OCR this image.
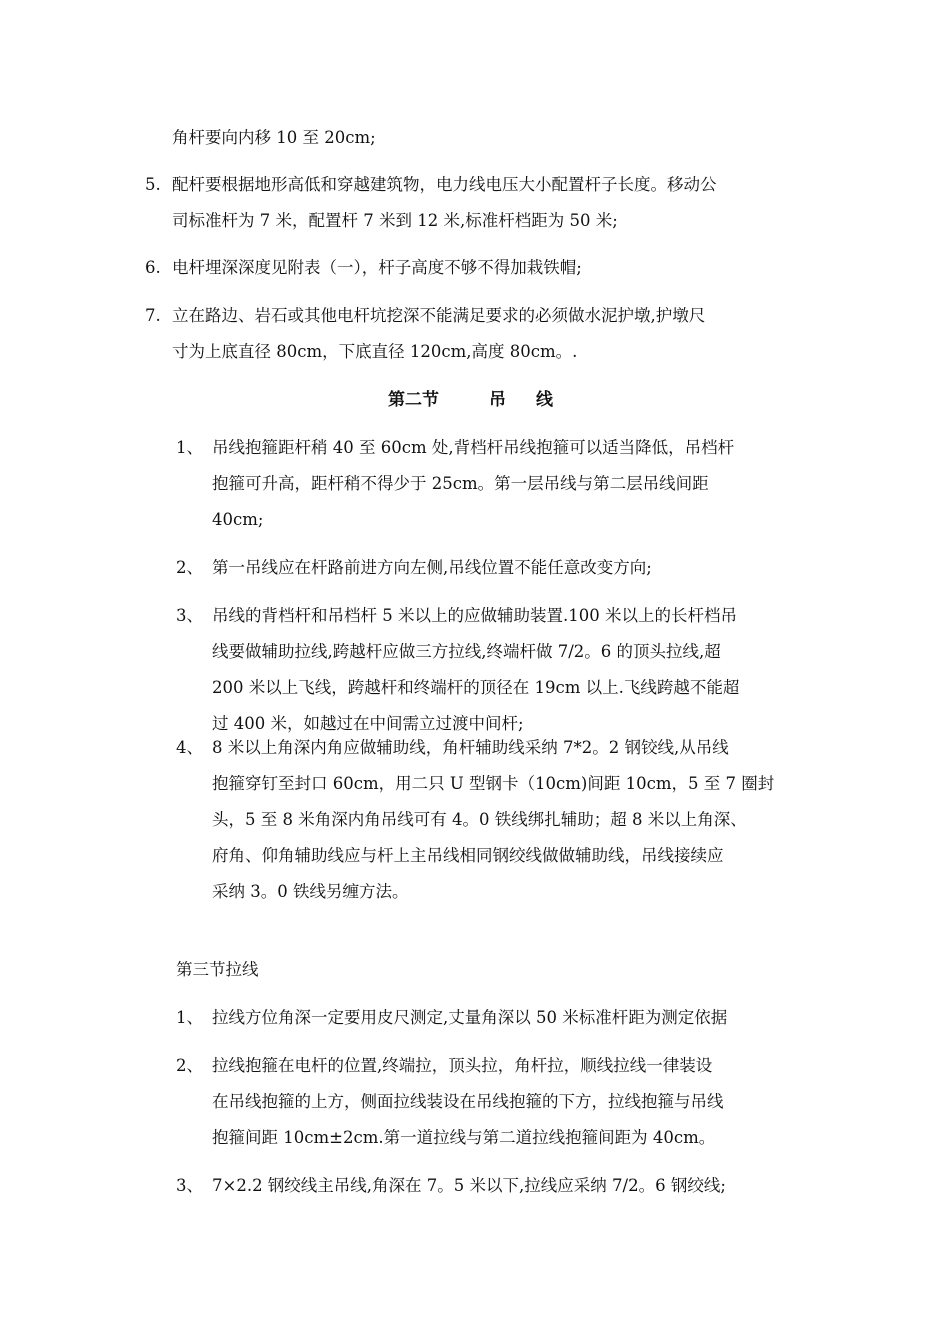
角杆要向内移 10 至 20cm;
5. 配杆要根据地形高低和穿越建筑物，电力线电压大小配置杆子长度。移动公
司标准杆为 7 米，配置杆 7 米到 12 米,标准杆档距为 50 米;
6. 电杆埋深深度见附表（一），杆子高度不够不得加栽铁帽;
7. 立在路边、岩石或其他电杆坑挖深不能满足要求的必须做水泥护墩,护墩尺
寸为上底直径 80cm，下底直径 120cm,高度 80cm。.
第二节	吊 线
1、 吊线抱箍距杆稍 40 至 60cm 处,背档杆吊线抱箍可以适当降低，吊档杆
抱箍可升高，距杆稍不得少于 25cm。第一层吊线与第二层吊线间距
40cm;
2、 第一吊线应在杆路前进方向左侧,吊线位置不能任意改变方向;
3、 吊线的背档杆和吊档杆 5 米以上的应做辅助装置.100 米以上的长杆档吊
线要做辅助拉线,跨越杆应做三方拉线,终端杆做 7/2。6 的顶头拉线,超
200 米以上飞线，跨越杆和终端杆的顶径在 19cm 以上.飞线跨越不能超
过 400 米，如越过在中间需立过渡中间杆;
4、 8 米以上角深内角应做辅助线，角杆辅助线采纳 7*2。2 钢铰线,从吊线
抱箍穿钉至封口 60cm，用二只 U 型钢卡（10cm)间距 10cm，5 至 7 圈封
头，5 至 8 米角深内角吊线可有 4。0 铁线绑扎辅助；超 8 米以上角深、
府角、仰角辅助线应与杆上主吊线相同钢绞线做做辅助线，吊线接续应
采纳 3。0 铁线另缠方法。
第三节拉线
1、 拉线方位角深一定要用皮尺测定,丈量角深以 50 米标准杆距为测定依据
2、 拉线抱箍在电杆的位置,终端拉，顶头拉，角杆拉，顺线拉线一律装设
在吊线抱箍的上方，侧面拉线装设在吊线抱箍的下方，拉线抱箍与吊线
抱箍间距 10cm±2cm.第一道拉线与第二道拉线抱箍间距为 40cm。
3、 7×2.2 钢绞线主吊线,角深在 7。5 米以下,拉线应采纳 7/2。6 钢绞线;
